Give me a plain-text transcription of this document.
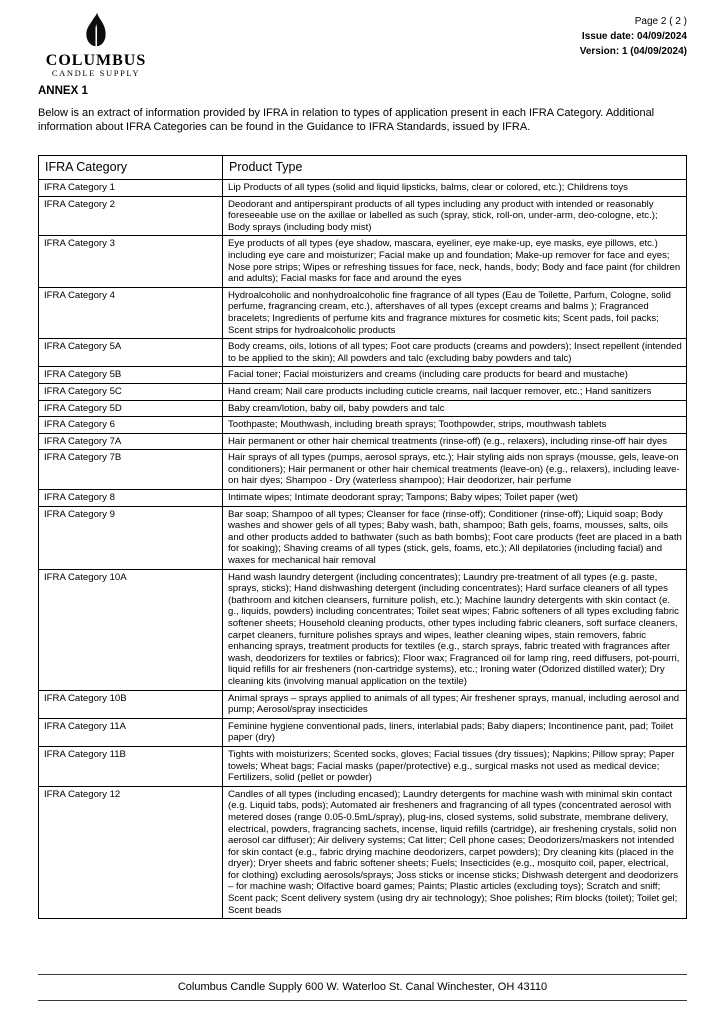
COLUMBUS
CANDLE SUPPLY
Page 2 ( 2 )
Issue date: 04/09/2024
Version: 1 (04/09/2024)
ANNEX 1
Below is an extract of information provided by IFRA in relation to types of application present in each IFRA Category. Additional information about IFRA Categories can be found in the Guidance to IFRA Standards, issued by IFRA.
IFRA Category	Product Type
IFRA Category 1	Lip Products of all types (solid and liquid lipsticks, balms, clear or colored, etc.); Childrens toys
IFRA Category 2	Deodorant and antiperspirant products of all types including any product with intended or reasonably foreseeable use on the axillae or labelled as such (spray, stick, roll-on, under-arm, deo-cologne, etc.); Body sprays (including body mist)
IFRA Category 3	Eye products of all types (eye shadow, mascara, eyeliner, eye make-up, eye masks, eye pillows, etc.) including eye care and moisturizer; Facial make up and foundation; Make-up remover for face and eyes; Nose pore strips; Wipes or refreshing tissues for face, neck, hands, body; Body and face paint (for children and adults); Facial masks for face and around the eyes
IFRA Category 4	Hydroalcoholic and nonhydroalcoholic fine fragrance of all types (Eau de Toilette, Parfum, Cologne, solid perfume, fragrancing cream, etc.), aftershaves of all types (except creams and balms ); Fragranced bracelets; Ingredients of perfume kits and fragrance mixtures for cosmetic kits; Scent pads, foil packs; Scent strips for hydroalcoholic products
IFRA Category 5A	Body creams, oils, lotions of all types; Foot care products (creams and powders); Insect repellent (intended to be applied to the skin); All powders and talc (excluding baby powders and talc)
IFRA Category 5B	Facial toner; Facial moisturizers and creams (including care products for beard and mustache)
IFRA Category 5C	Hand cream; Nail care products including cuticle creams, nail lacquer remover, etc.; Hand sanitizers
IFRA Category 5D	Baby cream/lotion, baby oil, baby powders and talc
IFRA Category 6	Toothpaste; Mouthwash, including breath sprays; Toothpowder, strips, mouthwash tablets
IFRA Category 7A	Hair permanent or other hair chemical treatments (rinse-off) (e.g., relaxers), including rinse-off hair dyes
IFRA Category 7B	Hair sprays of all types (pumps, aerosol sprays, etc.); Hair styling aids non sprays (mousse, gels, leave-on conditioners); Hair permanent or other hair chemical treatments (leave-on) (e.g., relaxers), including leave-on hair dyes; Shampoo - Dry (waterless shampoo); Hair deodorizer, hair perfume
IFRA Category 8	Intimate wipes; Intimate deodorant spray; Tampons; Baby wipes; Toilet paper (wet)
IFRA Category 9	Bar soap; Shampoo of all types; Cleanser for face (rinse-off); Conditioner (rinse-off); Liquid soap; Body washes and shower gels of all types; Baby wash, bath, shampoo; Bath gels, foams, mousses, salts, oils and other products added to bathwater (such as bath bombs); Foot care products (feet are placed in a bath for soaking); Shaving creams of all types (stick, gels, foams, etc.); All depilatories (including facial) and waxes for mechanical hair removal
IFRA Category 10A	Hand wash laundry detergent (including concentrates); Laundry pre-treatment of all types (e.g. paste, sprays, sticks); Hand dishwashing detergent (including concentrates); Hard surface cleaners of all types (bathroom and kitchen cleansers, furniture polish, etc.); Machine laundry detergents with skin contact (e. g., liquids, powders) including concentrates; Toilet seat wipes; Fabric softeners of all types excluding fabric softener sheets; Household cleaning products, other types including fabric cleaners, soft surface cleaners, carpet cleaners, furniture polishes sprays and wipes, leather cleaning wipes, stain removers, fabric enhancing sprays, treatment products for textiles (e.g., starch sprays, fabric treated with fragrances after wash, deodorizers for textiles or fabrics); Floor wax; Fragranced oil for lamp ring, reed diffusers, pot-pourri, liquid refills for air fresheners (non-cartridge systems), etc.; Ironing water (Odorized distilled water); Dry cleaning kits (involving manual application on the textile)
IFRA Category 10B	Animal sprays – sprays applied to animals of all types; Air freshener sprays, manual, including aerosol and pump; Aerosol/spray insecticides
IFRA Category 11A	Feminine hygiene conventional pads, liners, interlabial pads; Baby diapers; Incontinence pant, pad; Toilet paper (dry)
IFRA Category 11B	Tights with moisturizers; Scented socks, gloves; Facial tissues (dry tissues); Napkins; Pillow spray; Paper towels; Wheat bags; Facial masks (paper/protective) e.g., surgical masks not used as medical device; Fertilizers, solid (pellet or powder)
IFRA Category 12	Candles of all types (including encased); Laundry detergents for machine wash with minimal skin contact (e.g. Liquid tabs, pods); Automated air fresheners and fragrancing of all types (concentrated aerosol with metered doses (range 0.05-0.5mL/spray), plug-ins, closed systems, solid substrate, membrane delivery, electrical, powders, fragrancing sachets, incense, liquid refills (cartridge), air freshening crystals, solid non aerosol car diffuser); Air delivery systems; Cat litter; Cell phone cases; Deodorizers/maskers not intended for skin contact (e.g., fabric drying machine deodorizers, carpet powders); Dry cleaning kits (placed in the dryer); Dryer sheets and fabric softener sheets; Fuels; Insecticides (e.g., mosquito coil, paper, electrical, for clothing) excluding aerosols/sprays; Joss sticks or incense sticks; Dishwash detergent and deodorizers – for machine wash; Olfactive board games; Paints; Plastic articles (excluding toys); Scratch and sniff; Scent pack; Scent delivery system (using dry air technology); Shoe polishes; Rim blocks (toilet); Toilet gel; Scent beads
Columbus Candle Supply 600 W. Waterloo St. Canal Winchester, OH 43110
